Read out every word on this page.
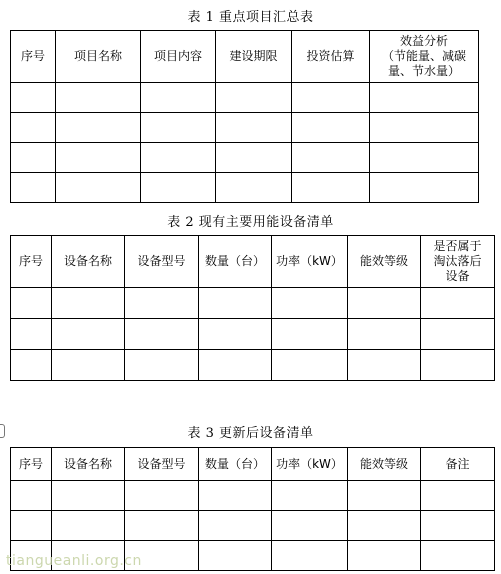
表 1 重点项目汇总表
序号	项目名称	项目内容	建设期限	投资估算	效益分析
（节能量、减碳
量、节水量）

表 2 现有主要用能设备清单
序号	设备名称	设备型号	数量（台）	功率（kW）	能效等级	是否属于
淘汰落后
设备

表 3 更新后设备清单
序号	设备名称	设备型号	数量（台）	功率（kW）	能效等级	备注

tiangueanli.org.cn
